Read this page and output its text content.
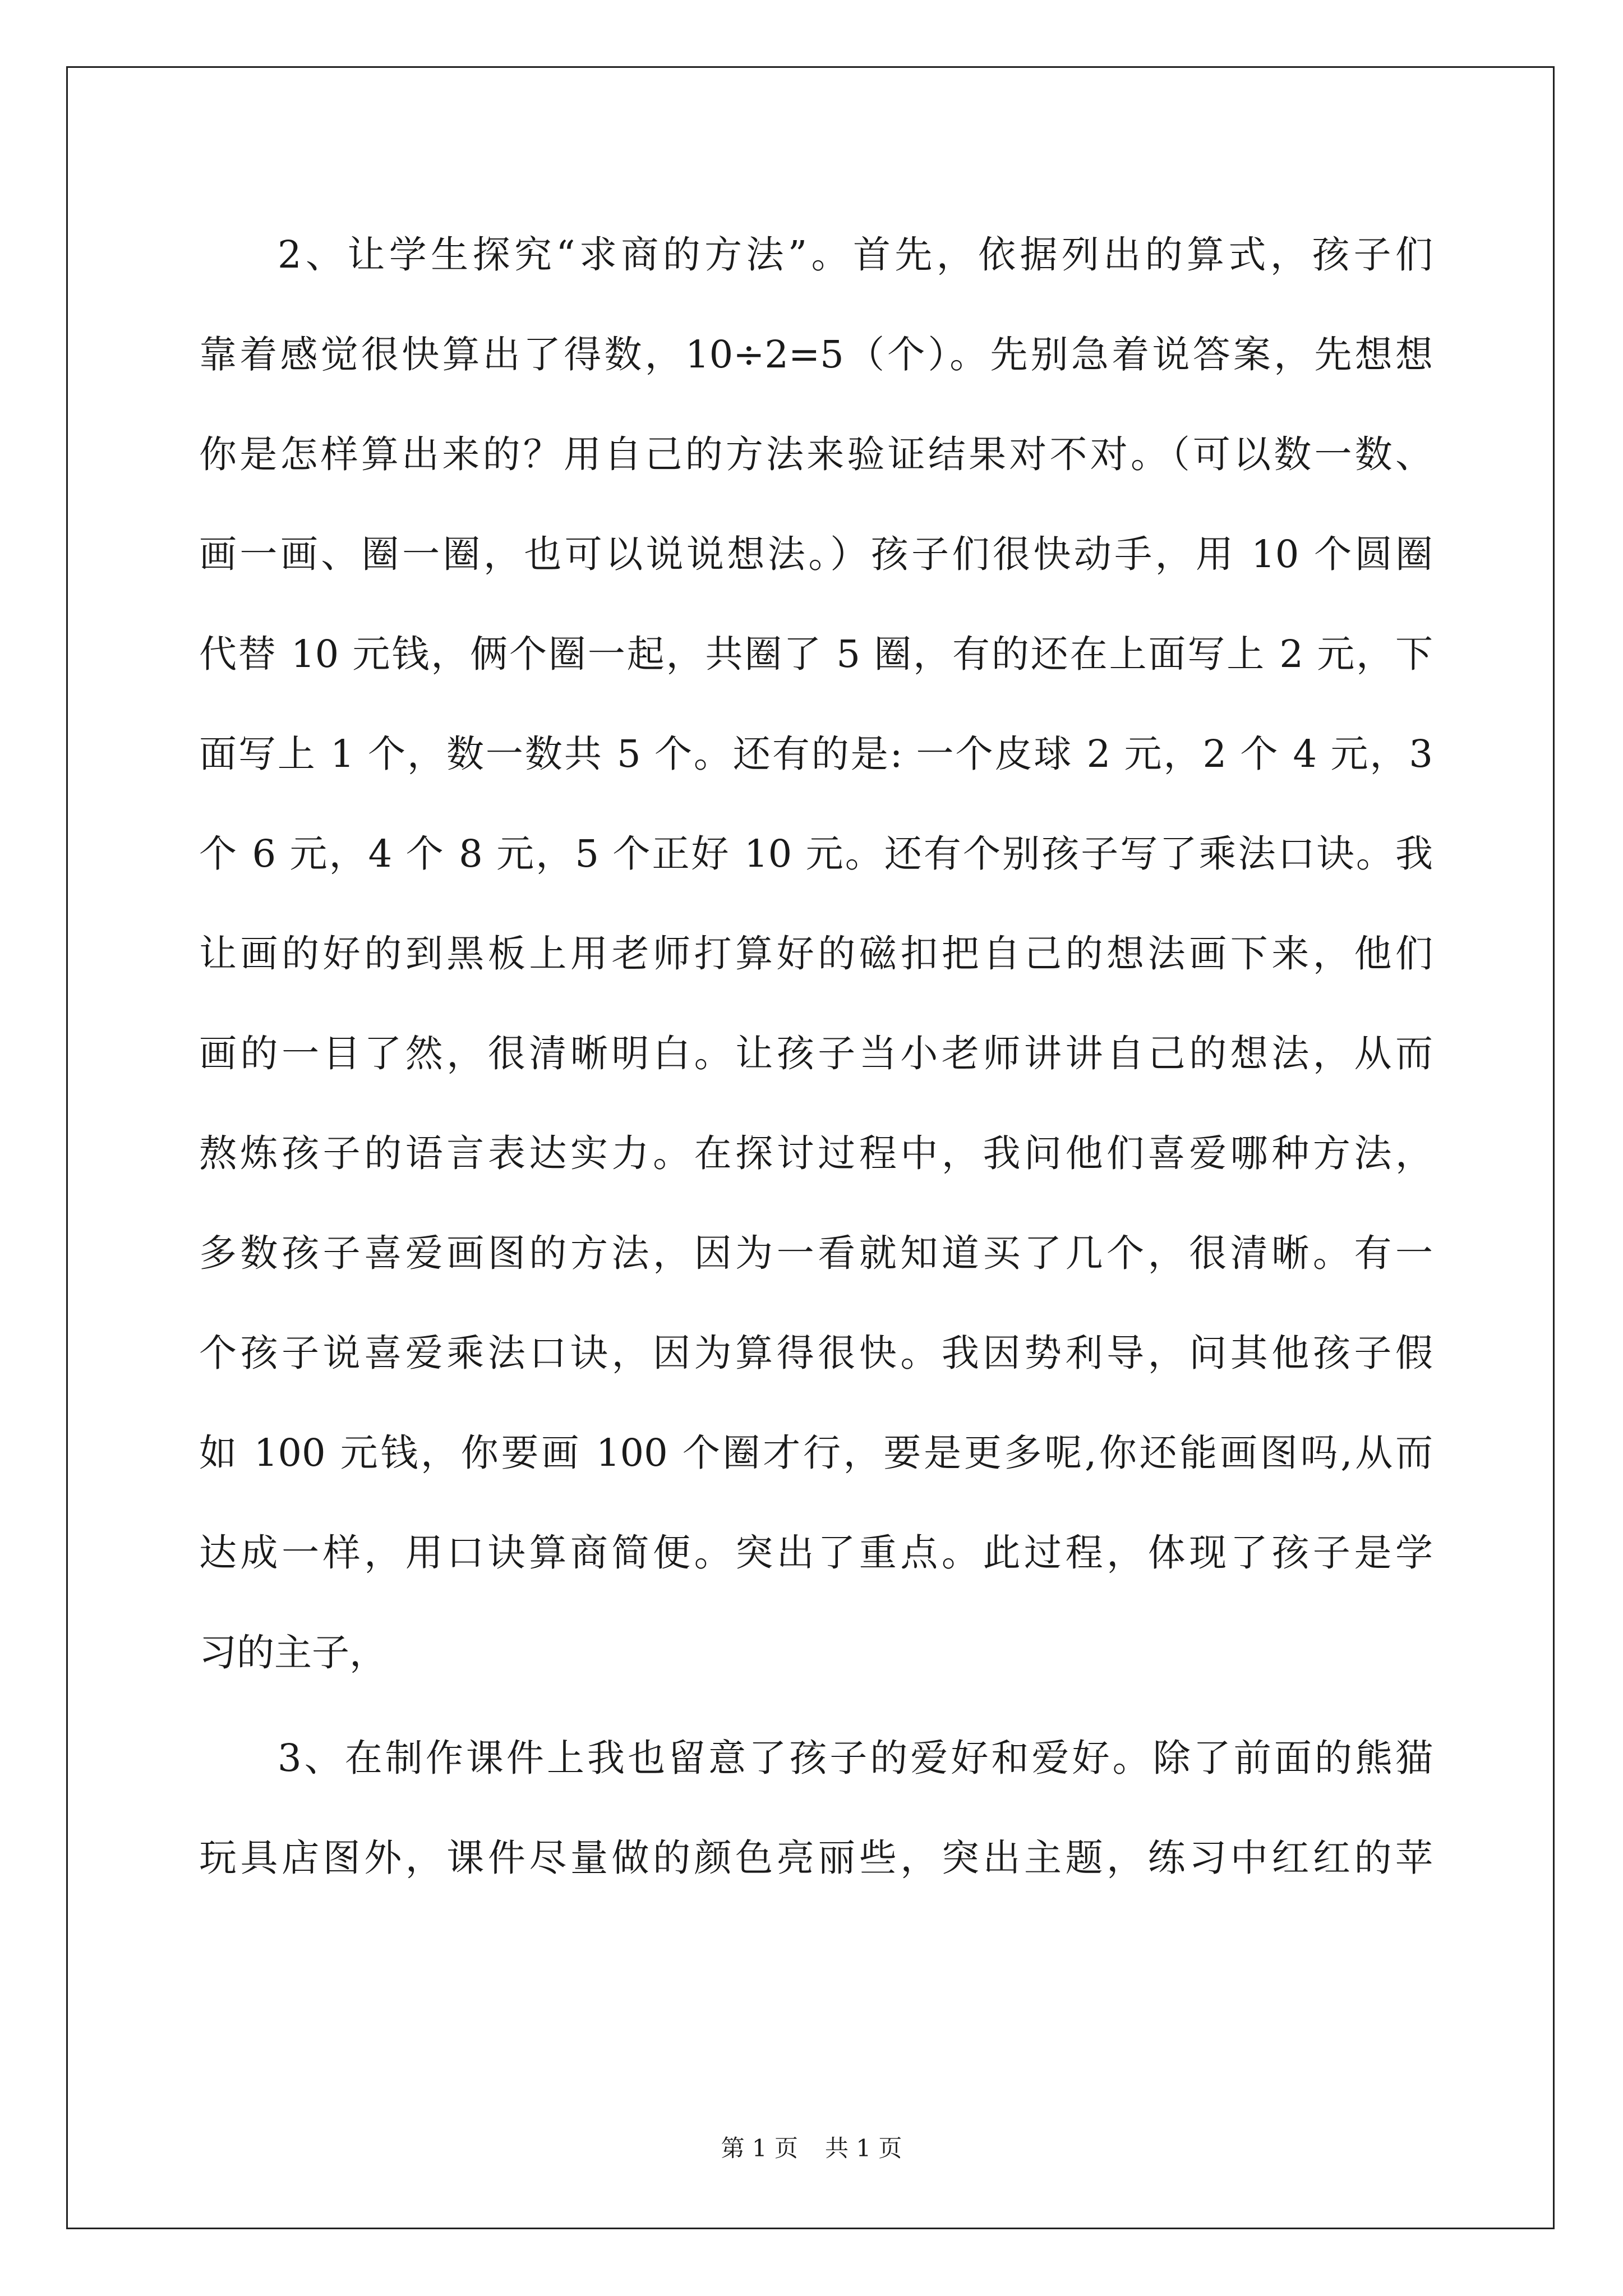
2、让学生探究“求商的方法”。首先，依据列出的算式，孩子们
靠着感觉很快算出了得数，10÷2=5（个）。先别急着说答案，先想想
你是怎样算出来的？用自己的方法来验证结果对不对。（可以数一数、
画一画、圈一圈，也可以说说想法。）孩子们很快动手，用 10 个圆圈
代替 10 元钱，俩个圈一起，共圈了 5 圈，有的还在上面写上 2 元，下
面写上 1 个，数一数共 5 个。还有的是: 一个皮球 2 元，2 个 4 元，3
个 6 元，4 个 8 元，5 个正好 10 元。还有个别孩子写了乘法口诀。我
让画的好的到黑板上用老师打算好的磁扣把自己的想法画下来，他们
画的一目了然，很清晰明白。让孩子当小老师讲讲自己的想法，从而
熬炼孩子的语言表达实力。在探讨过程中，我问他们喜爱哪种方法，
多数孩子喜爱画图的方法，因为一看就知道买了几个，很清晰。有一
个孩子说喜爱乘法口诀，因为算得很快。我因势利导，问其他孩子假
如 100 元钱，你要画 100 个圈才行，要是更多呢,你还能画图吗,从而
达成一样，用口诀算商简便。突出了重点。此过程，体现了孩子是学
习的主子，
3、在制作课件上我也留意了孩子的爱好和爱好。除了前面的熊猫
玩具店图外，课件尽量做的颜色亮丽些，突出主题，练习中红红的苹
第 1 页 共 1 页
